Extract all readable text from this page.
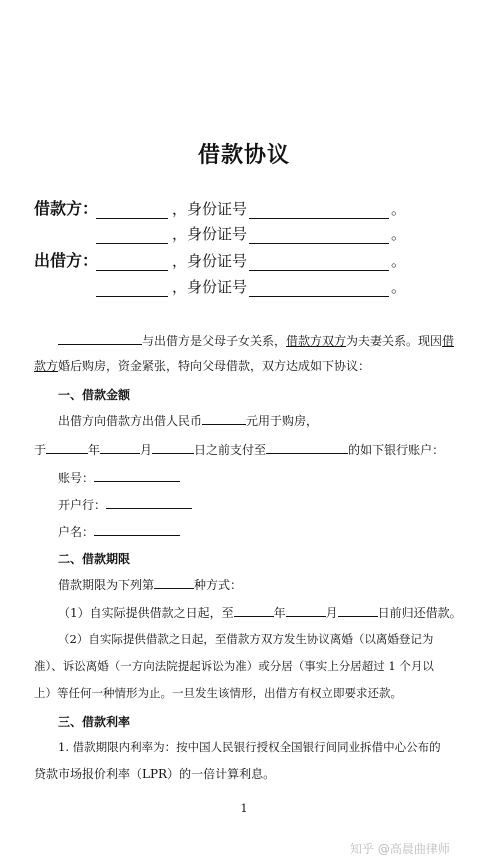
借款协议
借款方：	， 身份证号	。
， 身份证号	。
出借方：	， 身份证号	。
， 身份证号	。
与出借方是父母子女关系，借款方双方为夫妻关系。现因借
款方婚后购房，资金紧张，特向父母借款，双方达成如下协议：
一、借款金额
出借方向借款方出借人民币	元用于购房，
于	年	月	日之前支付至	的如下银行账户：
账号：
开户行：
户名：
二、借款期限
借款期限为下列第	种方式：
（1）自实际提供借款之日起，至	年	月	日前归还借款。
（2）自实际提供借款之日起，至借款方双方发生协议离婚（以离婚登记为
准）、诉讼离婚（一方向法院提起诉讼为准）或分居（事实上分居超过 1 个月以
上）等任何一种情形为止。一旦发生该情形，出借方有权立即要求还款。
三、借款利率
1. 借款期限内利率为：按中国人民银行授权全国银行间同业拆借中心公布的
贷款市场报价利率（LPR）的一倍计算利息。
1
知乎 @高晨曲律师
